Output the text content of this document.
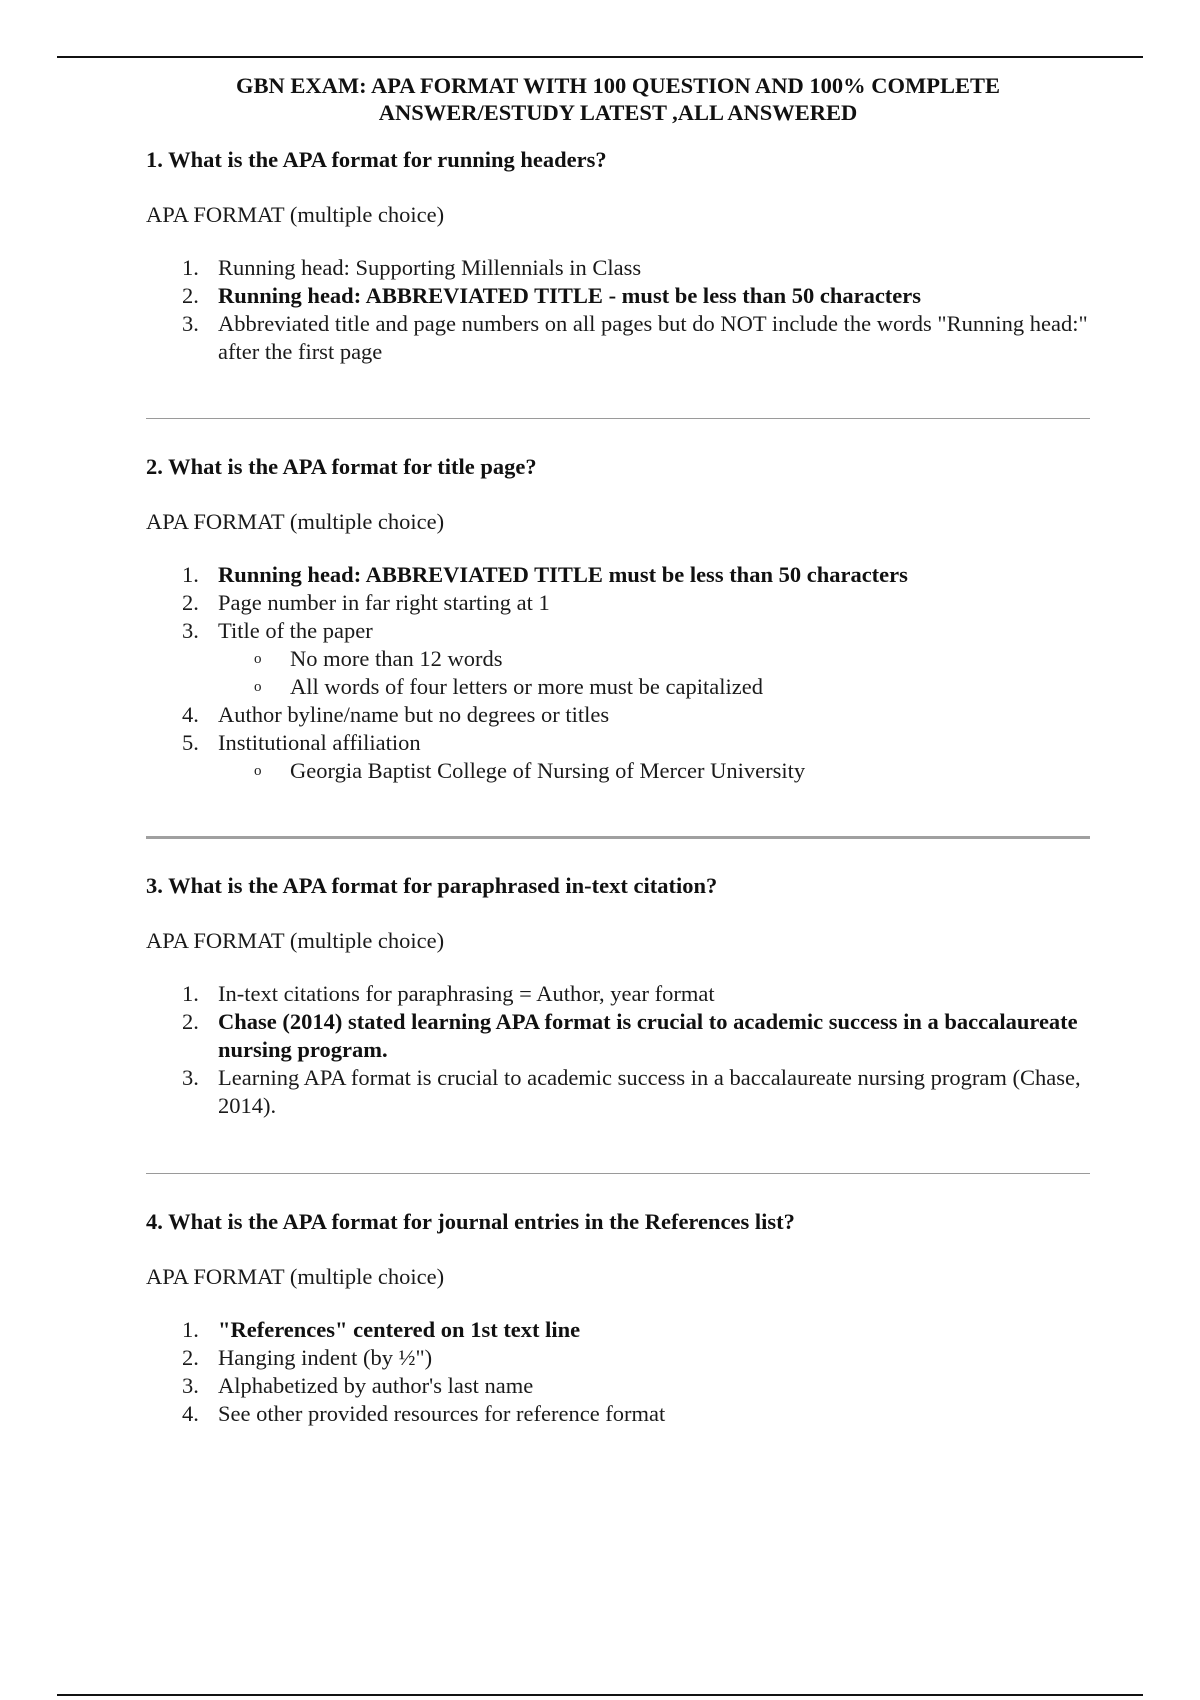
GBN EXAM: APA FORMAT WITH 100 QUESTION AND 100% COMPLETE
ANSWER/ESTUDY LATEST ,ALL ANSWERED

1. What is the APA format for running headers?

APA FORMAT (multiple choice)

1. Running head: Supporting Millennials in Class
2. Running head: ABBREVIATED TITLE - must be less than 50 characters
3. Abbreviated title and page numbers on all pages but do NOT include the words "Running head:" after the first page

2. What is the APA format for title page?

APA FORMAT (multiple choice)

1. Running head: ABBREVIATED TITLE must be less than 50 characters
2. Page number in far right starting at 1
3. Title of the paper
o No more than 12 words
o All words of four letters or more must be capitalized
4. Author byline/name but no degrees or titles
5. Institutional affiliation
o Georgia Baptist College of Nursing of Mercer University

3. What is the APA format for paraphrased in-text citation?

APA FORMAT (multiple choice)

1. In-text citations for paraphrasing = Author, year format
2. Chase (2014) stated learning APA format is crucial to academic success in a baccalaureate nursing program.
3. Learning APA format is crucial to academic success in a baccalaureate nursing program (Chase, 2014).

4. What is the APA format for journal entries in the References list?

APA FORMAT (multiple choice)

1. "References" centered on 1st text line
2. Hanging indent (by ½")
3. Alphabetized by author's last name
4. See other provided resources for reference format
